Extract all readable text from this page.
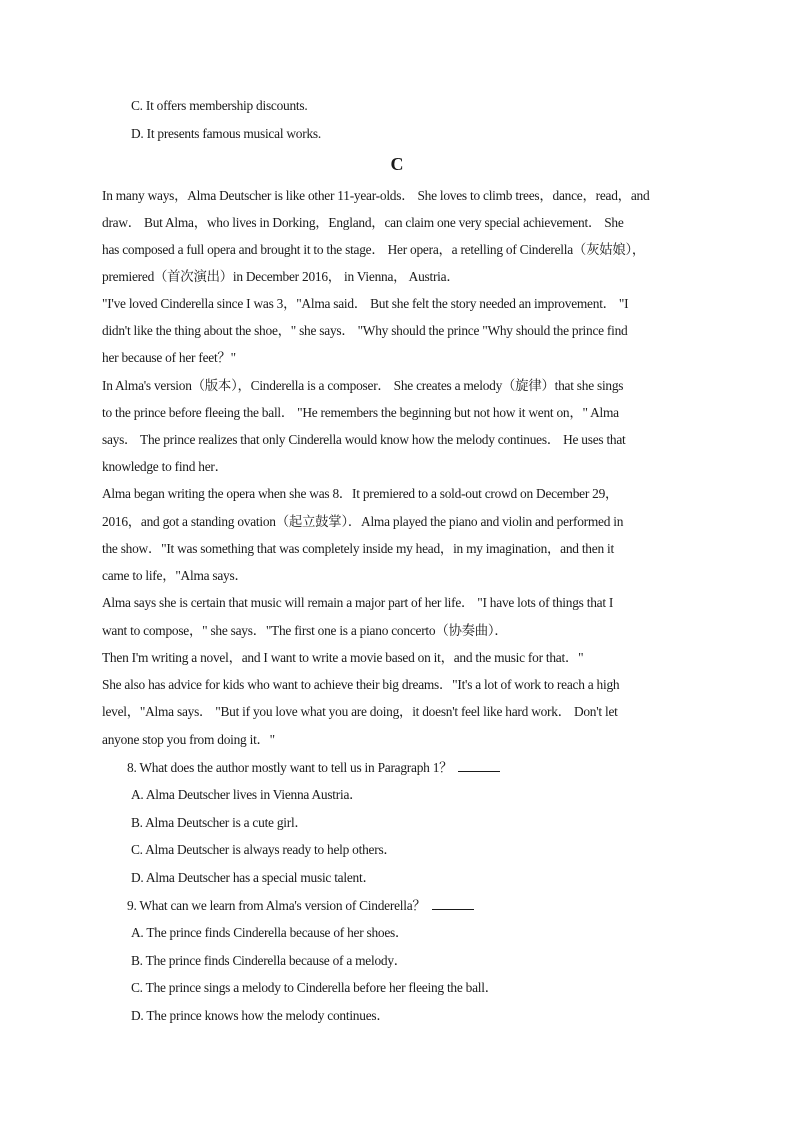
C. It offers membership discounts.
D. It presents famous musical works.
C
In many ways，Alma Deutscher is like other 11-year-olds． She loves to climb trees，dance，read，and
draw． But Alma，who lives in Dorking，England，can claim one very special achievement． She
has composed a full opera and brought it to the stage． Her opera，a retelling of Cinderella（灰姑娘），
premiered（首次演出）in December 2016， in Vienna， Austria．
"I've loved Cinderella since I was 3，"Alma said． But she felt the story needed an improvement． "I
didn't like the thing about the shoe，" she says． "Why should the prince "Why should the prince find
her because of her feet？"
In Alma's version（版本），Cinderella is a composer． She creates a melody（旋律）that she sings
to the prince before fleeing the ball． "He remembers the beginning but not how it went on，" Alma
says． The prince realizes that only Cinderella would know how the melody continues． He uses that
knowledge to find her．
Alma began writing the opera when she was 8．It premiered to a sold-out crowd on December 29，
2016，and got a standing ovation（起立鼓掌）．Alma played the piano and violin and performed in
the show．"It was something that was completely inside my head，in my imagination，and then it
came to life，"Alma says．
Alma says she is certain that music will remain a major part of her life． "I have lots of things that I
want to compose，" she says．"The first one is a piano concerto（协奏曲）．
Then I'm writing a novel，and I want to write a movie based on it，and the music for that．"
She also has advice for kids who want to achieve their big dreams．"It's a lot of work to reach a high
level，"Alma says． "But if you love what you are doing，it doesn't feel like hard work． Don't let
anyone stop you from doing it．"
8. What does the author mostly want to tell us in Paragraph 1？
A. Alma Deutscher lives in Vienna Austria．
B. Alma Deutscher is a cute girl．
C. Alma Deutscher is always ready to help others．
D. Alma Deutscher has a special music talent．
9. What can we learn from Alma's version of Cinderella？
A. The prince finds Cinderella because of her shoes．
B. The prince finds Cinderella because of a melody．
C. The prince sings a melody to Cinderella before her fleeing the ball．
D. The prince knows how the melody continues．
